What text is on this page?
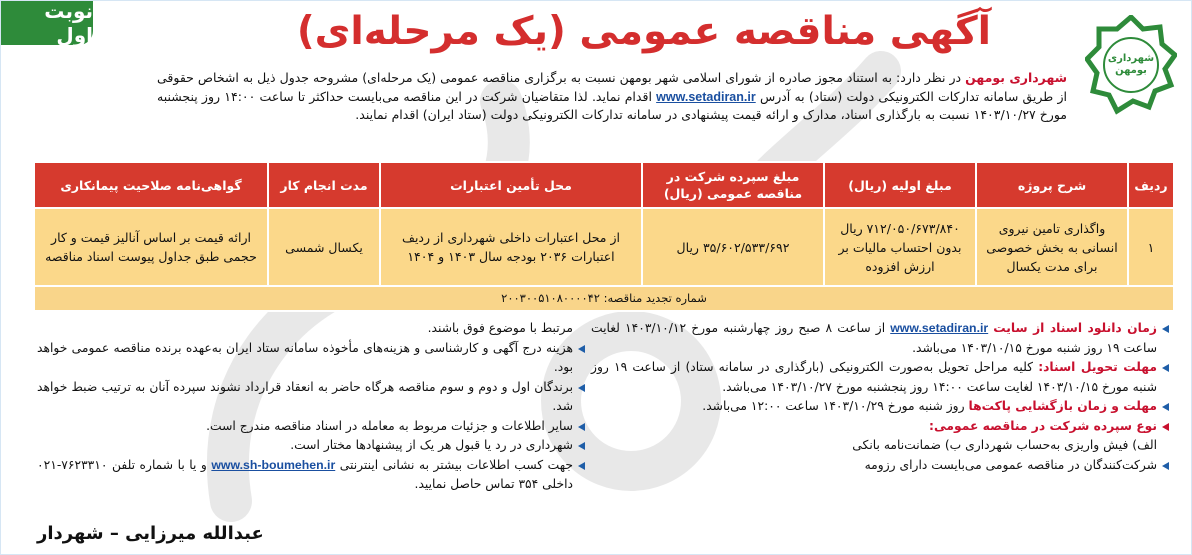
نوبت اول
شهرداری بومهن
آگهی مناقصه عمومی (یک مرحله‌ای)
شهرداری بومهن در نظر دارد: به استناد مجوز صادره از شورای اسلامی شهر بومهن نسبت به برگزاری مناقصه عمومی (یک مرحله‌ای) مشروحه جدول ذیل به اشخاص حقوقی از طریق سامانه تدارکات الکترونیکی دولت (ستاد) به آدرس www.setadiran.ir اقدام نماید. لذا متقاضیان شرکت در این مناقصه می‌بایست حداکثر تا ساعت ۱۴:۰۰ روز پنجشنبه مورخ ۱۴۰۳/۱۰/۲۷ نسبت به بارگذاری اسناد، مدارک و ارائه قیمت پیشنهادی در سامانه تدارکات الکترونیکی دولت (ستاد ایران) اقدام نمایند.
ردیف	شرح پروژه	مبلغ اولیه (ریال)	مبلغ سپرده شرکت در مناقصه عمومی (ریال)	محل تأمین اعتبارات	مدت انجام کار	گواهی‌نامه صلاحیت پیمانکاری
۱	واگذاری تامین نیروی انسانی به بخش خصوصی برای مدت یکسال	۷۱۲/۰۵۰/۶۷۳/۸۴۰ ریال بدون احتساب مالیات بر ارزش افزوده	۳۵/۶۰۲/۵۳۳/۶۹۲ ریال	از محل اعتبارات داخلی شهرداری از ردیف اعتبارات ۲۰۳۶ بودجه سال ۱۴۰۳ و ۱۴۰۴	یکسال شمسی	ارائه قیمت بر اساس آنالیز قیمت و کار حجمی طبق جداول پیوست اسناد مناقصه
شماره تجدید مناقصه: ۲۰۰۳۰۰۵۱۰۸۰۰۰۰۴۲						
زمان دانلود اسناد از سایت www.setadiran.ir از ساعت ۸ صبح روز چهارشنبه مورخ ۱۴۰۳/۱۰/۱۲ لغایت ساعت ۱۹ روز شنبه مورخ ۱۴۰۳/۱۰/۱۵ می‌باشد.
مهلت تحویل اسناد: کلیه مراحل تحویل به‌صورت الکترونیکی (بارگذاری در سامانه ستاد) از ساعت ۱۹ روز شنبه مورخ ۱۴۰۳/۱۰/۱۵ لغایت ساعت ۱۴:۰۰ روز پنجشنبه مورخ ۱۴۰۳/۱۰/۲۷ می‌باشد.
مهلت و زمان بازگشایی پاکت‌ها روز شنبه مورخ ۱۴۰۳/۱۰/۲۹ ساعت ۱۲:۰۰ می‌باشد.
نوع سپرده شرکت در مناقصه عمومی:
الف) فیش واریزی به‌حساب شهرداری ب) ضمانت‌نامه بانکی
شرکت‌کنندگان در مناقصه عمومی می‌بایست دارای رزومه
مرتبط با موضوع فوق باشند.
هزینه درج آگهی و کارشناسی و هزینه‌های مأخوذه سامانه ستاد ایران به‌عهده برنده مناقصه عمومی خواهد بود.
برندگان اول و دوم و سوم مناقصه هرگاه حاضر به انعقاد قرارداد نشوند سپرده آنان به ترتیب ضبط خواهد شد.
سایر اطلاعات و جزئیات مربوط به معامله در اسناد مناقصه مندرج است.
شهرداری در رد یا قبول هر یک از پیشنهادها مختار است.
جهت کسب اطلاعات بیشتر به نشانی اینترنتی www.sh-boumehen.ir و یا با شماره تلفن ۷۶۲۳۳۱۰-۰۲۱ داخلی ۳۵۴ تماس حاصل نمایید.
عبدالله میرزایی – شهردار
